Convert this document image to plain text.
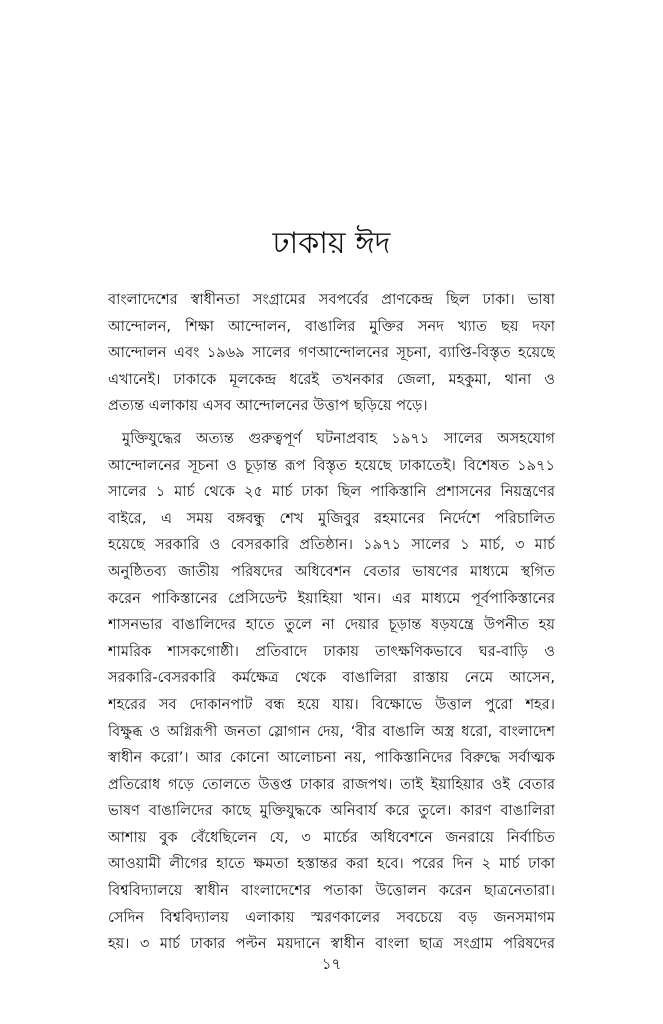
ঢাকায় ঈদ
বাংলাদেশের স্বাধীনতা সংগ্রামের সবপর্বের প্রাণকেন্দ্র ছিল ঢাকা। ভাষা
আন্দোলন, শিক্ষা আন্দোলন, বাঙালির মুক্তির সনদ খ্যাত ছয় দফা
আন্দোলন এবং ১৯৬৯ সালের গণআন্দোলনের সূচনা, ব্যাপ্তি-বিস্তৃত হয়েছে
এখানেই। ঢাকাকে মূলকেন্দ্র ধরেই তখনকার জেলা, মহকুমা, থানা ও
প্রত্যন্ত এলাকায় এসব আন্দোলনের উত্তাপ ছড়িয়ে পড়ে।
মুক্তিযুদ্ধের অত্যন্ত গুরুত্বপূর্ণ ঘটনাপ্রবাহ ১৯৭১ সালের অসহযোগ
আন্দোলনের সূচনা ও চূড়ান্ত রূপ বিস্তৃত হয়েছে ঢাকাতেই। বিশেষত ১৯৭১
সালের ১ মার্চ থেকে ২৫ মার্চ ঢাকা ছিল পাকিস্তানি প্রশাসনের নিয়ন্ত্রণের
বাইরে, এ সময় বঙ্গবন্ধু শেখ মুজিবুর রহমানের নির্দেশে পরিচালিত
হয়েছে সরকারি ও বেসরকারি প্রতিষ্ঠান। ১৯৭১ সালের ১ মার্চ, ৩ মার্চ
অনুষ্ঠিতব্য জাতীয় পরিষদের অধিবেশন বেতার ভাষণের মাধ্যমে স্থগিত
করেন পাকিস্তানের প্রেসিডেন্ট ইয়াহিয়া খান। এর মাধ্যমে পূর্বপাকিস্তানের
শাসনভার বাঙালিদের হাতে তুলে না দেয়ার চূড়ান্ত ষড়যন্ত্রে উপনীত হয়
শামরিক শাসকগোষ্ঠী। প্রতিবাদে ঢাকায় তাৎক্ষণিকভাবে ঘর-বাড়ি ও
সরকারি-বেসরকারি কর্মক্ষেত্র থেকে বাঙালিরা রাস্তায় নেমে আসেন,
শহরের সব দোকানপাট বন্ধ হয়ে যায়। বিক্ষোভে উত্তাল পুরো শহর।
বিক্ষুব্ধ ও অগ্নিরূপী জনতা স্লোগান দেয়, ‘বীর বাঙালি অস্ত্র ধরো, বাংলাদেশ
স্বাধীন করো’। আর কোনো আলোচনা নয়, পাকিস্তানিদের বিরুদ্ধে সর্বাত্মক
প্রতিরোধ গড়ে তোলতে উত্তপ্ত ঢাকার রাজপথ। তাই ইয়াহিয়ার ওই বেতার
ভাষণ বাঙালিদের কাছে মুক্তিযুদ্ধকে অনিবার্য করে তুলে। কারণ বাঙালিরা
আশায় বুক বেঁধেছিলেন যে, ৩ মার্চের অধিবেশনে জনরায়ে নির্বাচিত
আওয়ামী লীগের হাতে ক্ষমতা হস্তান্তর করা হবে। পরের দিন ২ মার্চ ঢাকা
বিশ্ববিদ্যালয়ে স্বাধীন বাংলাদেশের পতাকা উত্তোলন করেন ছাত্রনেতারা।
সেদিন বিশ্ববিদ্যালয় এলাকায় স্মরণকালের সবচেয়ে বড় জনসমাগম
হয়। ৩ মার্চ ঢাকার পল্টন ময়দানে স্বাধীন বাংলা ছাত্র সংগ্রাম পরিষদের
১৭
